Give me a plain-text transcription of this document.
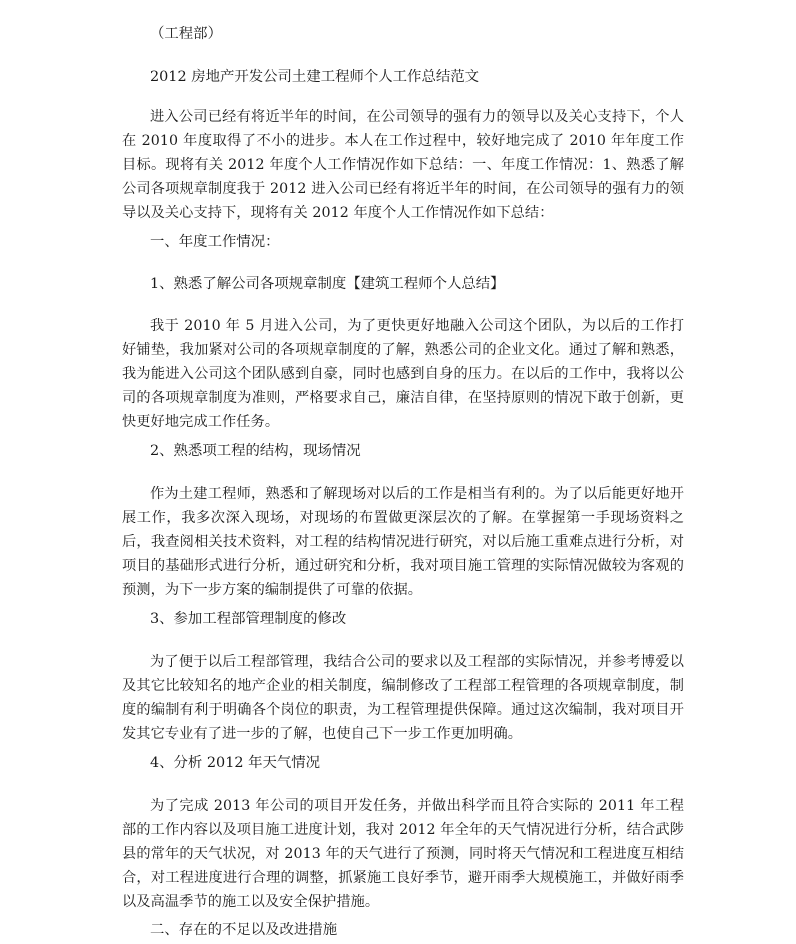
（工程部）
2012 房地产开发公司土建工程师个人工作总结范文
进入公司已经有将近半年的时间，在公司领导的强有力的领导以及关心支持下，个人在 2010 年度取得了不小的进步。本人在工作过程中，较好地完成了 2010 年年度工作目标。现将有关 2012 年度个人工作情况作如下总结：一、年度工作情况：1、熟悉了解公司各项规章制度我于 2012 进入公司已经有将近半年的时间，在公司领导的强有力的领导以及关心支持下，现将有关 2012 年度个人工作情况作如下总结：
一、年度工作情况：
1、熟悉了解公司各项规章制度【建筑工程师个人总结】
我于 2010 年 5 月进入公司，为了更快更好地融入公司这个团队，为以后的工作打好铺垫，我加紧对公司的各项规章制度的了解，熟悉公司的企业文化。通过了解和熟悉，我为能进入公司这个团队感到自豪，同时也感到自身的压力。在以后的工作中，我将以公司的各项规章制度为准则，严格要求自己，廉洁自律，在坚持原则的情况下敢于创新，更快更好地完成工作任务。
2、熟悉项工程的结构，现场情况
作为土建工程师，熟悉和了解现场对以后的工作是相当有利的。为了以后能更好地开展工作，我多次深入现场，对现场的布置做更深层次的了解。在掌握第一手现场资料之后，我查阅相关技术资料，对工程的结构情况进行研究，对以后施工重难点进行分析，对项目的基础形式进行分析，通过研究和分析，我对项目施工管理的实际情况做较为客观的预测，为下一步方案的编制提供了可靠的依据。
3、参加工程部管理制度的修改
为了便于以后工程部管理，我结合公司的要求以及工程部的实际情况，并参考博爱以及其它比较知名的地产企业的相关制度，编制修改了工程部工程管理的各项规章制度，制度的编制有利于明确各个岗位的职责，为工程管理提供保障。通过这次编制，我对项目开发其它专业有了进一步的了解，也使自己下一步工作更加明确。
4、分析 2012 年天气情况
为了完成 2013 年公司的项目开发任务，并做出科学而且符合实际的 2011 年工程部的工作内容以及项目施工进度计划，我对 2012 年全年的天气情况进行分析，结合武陟县的常年的天气状况，对 2013 年的天气进行了预测，同时将天气情况和工程进度互相结合，对工程进度进行合理的调整，抓紧施工良好季节，避开雨季大规模施工，并做好雨季以及高温季节的施工以及安全保护措施。
二、存在的不足以及改进措施
